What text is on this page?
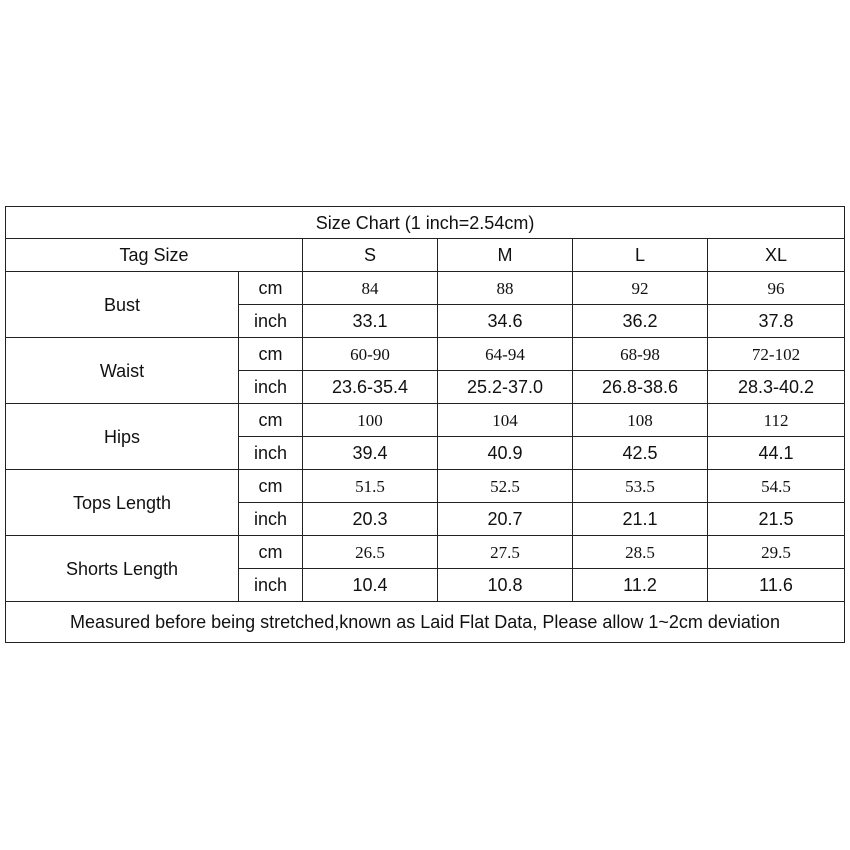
Size Chart (1 inch=2.54cm)					
Tag Size		S	M	L	XL
Bust	cm	84	88	92	96
	inch	33.1	34.6	36.2	37.8
Waist	cm	60-90	64-94	68-98	72-102
	inch	23.6-35.4	25.2-37.0	26.8-38.6	28.3-40.2
Hips	cm	100	104	108	112
	inch	39.4	40.9	42.5	44.1
Tops Length	cm	51.5	52.5	53.5	54.5
	inch	20.3	20.7	21.1	21.5
Shorts Length	cm	26.5	27.5	28.5	29.5
	inch	10.4	10.8	11.2	11.6
Measured before being stretched,known as Laid Flat Data, Please allow 1~2cm deviation					
